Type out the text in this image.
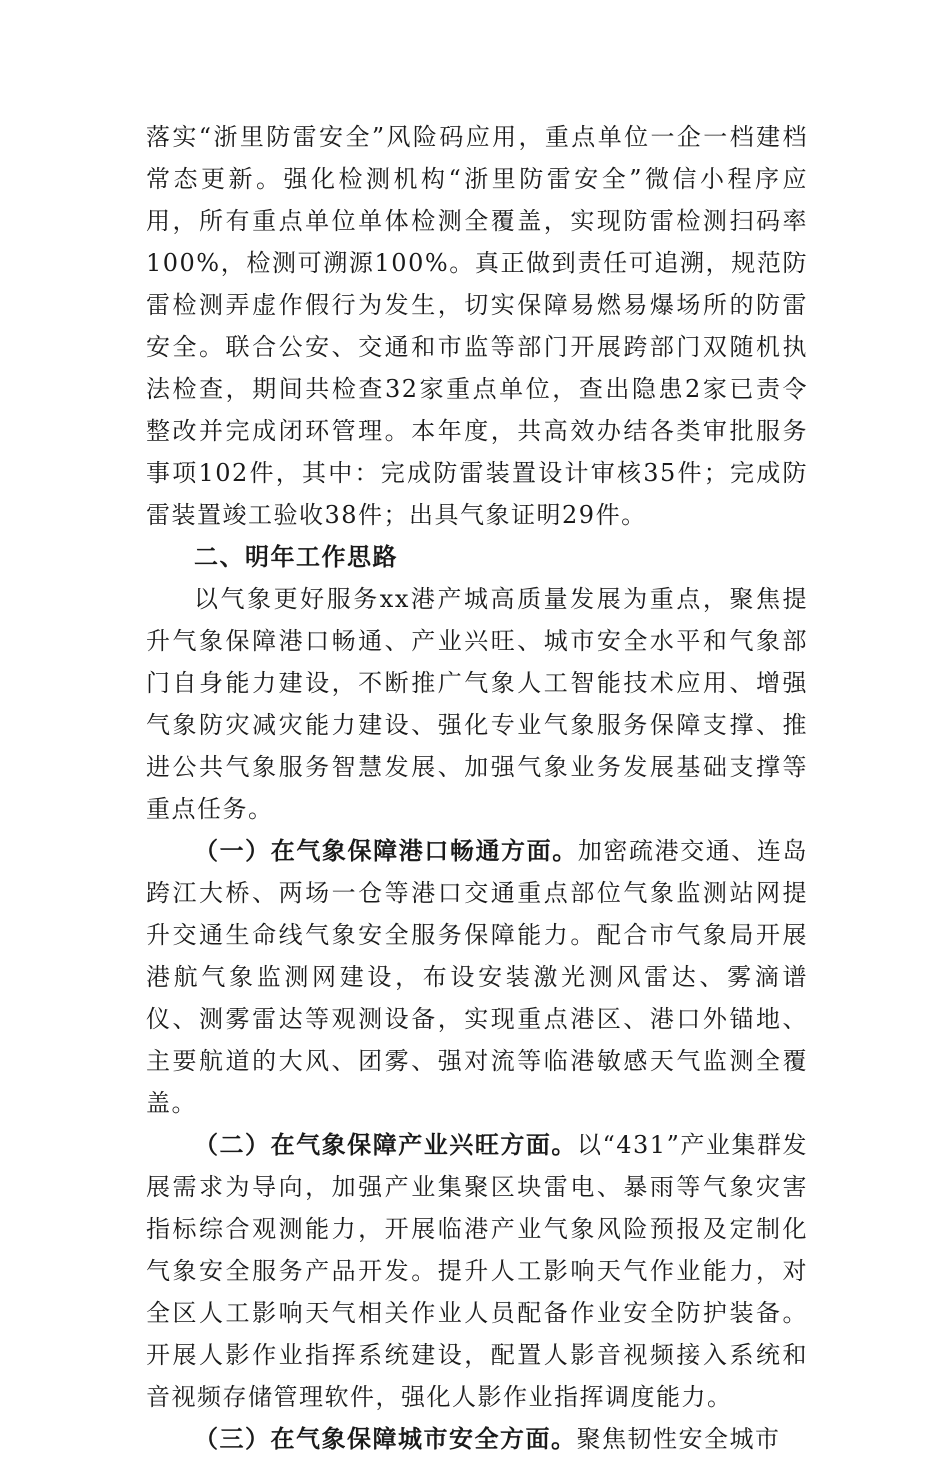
落实“浙里防雷安全”风险码应用，重点单位一企一档建档常态更新。强化检测机构“浙里防雷安全”微信小程序应用，所有重点单位单体检测全覆盖，实现防雷检测扫码率100%，检测可溯源100%。真正做到责任可追溯，规范防雷检测弄虚作假行为发生，切实保障易燃易爆场所的防雷安全。联合公安、交通和市监等部门开展跨部门双随机执法检查，期间共检查32家重点单位，查出隐患2家已责令整改并完成闭环管理。本年度，共高效办结各类审批服务事项102件，其中：完成防雷装置设计审核35件；完成防雷装置竣工验收38件；出具气象证明29件。

二、明年工作思路

以气象更好服务xx港产城高质量发展为重点，聚焦提升气象保障港口畅通、产业兴旺、城市安全水平和气象部门自身能力建设，不断推广气象人工智能技术应用、增强气象防灾减灾能力建设、强化专业气象服务保障支撑、推进公共气象服务智慧发展、加强气象业务发展基础支撑等重点任务。

（一）在气象保障港口畅通方面。加密疏港交通、连岛跨江大桥、两场一仓等港口交通重点部位气象监测站网提升交通生命线气象安全服务保障能力。配合市气象局开展港航气象监测网建设，布设安装激光测风雷达、雾滴谱仪、测雾雷达等观测设备，实现重点港区、港口外锚地、主要航道的大风、团雾、强对流等临港敏感天气监测全覆盖。

（二）在气象保障产业兴旺方面。以“431”产业集群发展需求为导向，加强产业集聚区块雷电、暴雨等气象灾害指标综合观测能力，开展临港产业气象风险预报及定制化气象安全服务产品开发。提升人工影响天气作业能力，对全区人工影响天气相关作业人员配备作业安全防护装备。开展人影作业指挥系统建设，配置人影音视频接入系统和音视频存储管理软件，强化人影作业指挥调度能力。

（三）在气象保障城市安全方面。聚焦韧性安全城市
